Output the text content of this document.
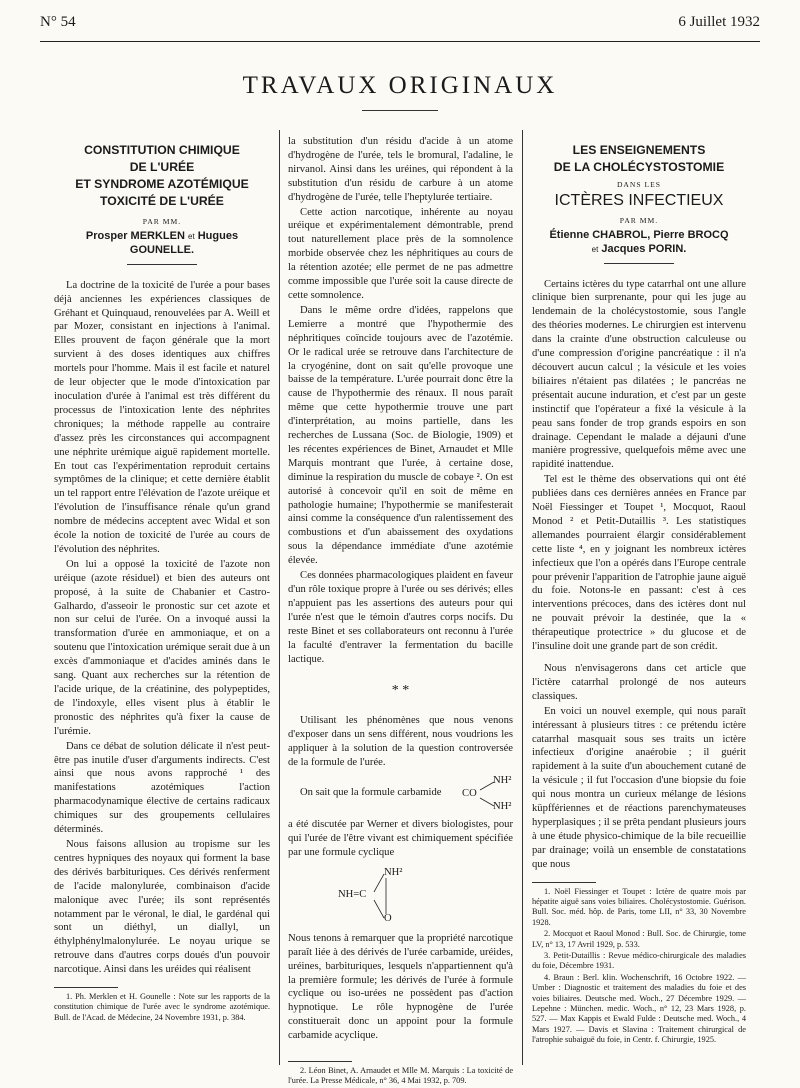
N° 54	6 Juillet 1932
TRAVAUX ORIGINAUX
CONSTITUTION CHIMIQUE
DE L'URÉE
ET SYNDROME AZOTÉMIQUE
TOXICITÉ DE L'URÉE
PAR MM.
Prosper MERKLEN et Hugues GOUNELLE.

La doctrine de la toxicité de l'urée a pour bases déjà anciennes les expériences classiques de Gréhant et Quinquaud, renouvelées par A. Weill et par Mozer, consistant en injections à l'animal. Elles prouvent de façon générale que la mort survient à des doses identiques aux chiffres mortels pour l'homme. Mais il est facile et naturel de leur objecter que le mode d'intoxication par inoculation d'urée à l'animal est très différent du processus de l'intoxication lente des néphrites chroniques; la méthode rappelle au contraire d'assez près les circonstances qui accompagnent une néphrite urémique aiguë rapidement mortelle. En tout cas l'expérimentation reproduit certains symptômes de la clinique; et cette dernière établit un tel rapport entre l'élévation de l'azote uréique et l'évolution de l'insuffisance rénale qu'un grand nombre de médecins acceptent avec Widal et son école la notion de toxicité de l'urée au cours de l'évolution des néphrites.

On lui a opposé la toxicité de l'azote non uréique (azote résiduel) et bien des auteurs ont proposé, à la suite de Chabanier et Castro-Galhardo, d'asseoir le pronostic sur cet azote et non sur celui de l'urée. On a invoqué aussi la transformation d'urée en ammoniaque, et on a soutenu que l'intoxication urémique serait due à un excès d'ammoniaque et d'acides aminés dans le sang. Quant aux recherches sur la rétention de l'acide urique, de la créatinine, des polypeptides, de l'indoxyle, elles visent plus à établir le pronostic des néphrites qu'à fixer la cause de l'urémie.

Dans ce débat de solution délicate il n'est peut-être pas inutile d'user d'arguments indirects. C'est ainsi que nous avons rapproché ¹ des manifestations azotémiques l'action pharmacodynamique élective de certains radicaux chimiques sur des groupements cellulaires déterminés.

Nous faisons allusion au tropisme sur les centres hypniques des noyaux qui forment la base des dérivés barbituriques. Ces dérivés renferment de l'acide malonylurée, combinaison d'acide malonique avec l'urée; ils sont représentés notamment par le véronal, le dial, le gardénal qui sont un diéthyl, un diallyl, un éthylphénylmalonylurée. Le noyau urique se retrouve dans d'autres corps doués d'un pouvoir narcotique. Ainsi dans les uréides qui réalisent

1. Ph. Merklen et H. Gounelle : Note sur les rapports de la constitution chimique de l'urée avec le syndrome azotémique. Bull. de l'Acad. de Médecine, 24 Novembre 1931, p. 384.

la substitution d'un résidu d'acide à un atome d'hydrogène de l'urée, tels le bromural, l'adaline, le nirvanol. Ainsi dans les uréines, qui répondent à la substitution d'un résidu de carbure à un atome d'hydrogène de l'urée, telle l'heptylurée tertiaire.

Cette action narcotique, inhérente au noyau uréique et expérimentalement démontrable, prend tout naturellement place près de la somnolence morbide observée chez les néphritiques au cours de la rétention azotée; elle permet de ne pas admettre comme impossible que l'urée soit la cause directe de cette somnolence.

Dans le même ordre d'idées, rappelons que Lemierre a montré que l'hypothermie des néphritiques coïncide toujours avec de l'azotémie. Or le radical urée se retrouve dans l'architecture de la cryogénine, dont on sait qu'elle provoque une baisse de la température. L'urée pourrait donc être la cause de l'hypothermie des rénaux. Il nous paraît même que cette hypothermie trouve une part d'interprétation, au moins partielle, dans les recherches de Lussana (Soc. de Biologie, 1909) et les récentes expériences de Binet, Arnaudet et Mlle Marquis montrant que l'urée, à certaine dose, diminue la respiration du muscle de cobaye ². On est autorisé à concevoir qu'il en soit de même en pathologie humaine; l'hypothermie se manifesterait ainsi comme la conséquence d'un ralentissement des combustions et d'un abaissement des oxydations sous la dépendance immédiate d'une azotémie élevée.

Ces données pharmacologiques plaident en faveur d'un rôle toxique propre à l'urée ou ses dérivés; elles n'appuient pas les assertions des auteurs pour qui l'urée n'est que le témoin d'autres corps nocifs. Du reste Binet et ses collaborateurs ont reconnu à l'urée la faculté d'entraver la fermentation du bacille lactique.

* *

Utilisant les phénomènes que nous venons d'exposer dans un sens différent, nous voudrions les appliquer à la solution de la question controversée de la formule de l'urée.

On sait que la formule carbamide CO
NH²
NH²

a été discutée par Werner et divers biologistes, pour qui l'urée de l'être vivant est chimiquement spécifiée par une formule cyclique

NH=C
NH²
O

Nous tenons à remarquer que la propriété narcotique paraît liée à des dérivés de l'urée carbamide, uréides, uréines, barbituriques, lesquels n'appartiennent qu'à la première formule; les dérivés de l'urée à formule cyclique ou iso-urées ne possèdent pas d'action hypnotique. Le rôle hypnogène de l'urée constituerait donc un appoint pour la formule carbamide acyclique.

2. Léon Binet, A. Arnaudet et Mlle M. Marquis : La toxicité de l'urée. La Presse Médicale, n° 36, 4 Mai 1932, p. 709.

LES ENSEIGNEMENTS
DE LA CHOLÉCYSTOSTOMIE
DANS LES
ICTÈRES INFECTIEUX
PAR MM.
Étienne CHABROL, Pierre BROCQ
et Jacques PORIN.

Certains ictères du type catarrhal ont une allure clinique bien surprenante, pour qui les juge au lendemain de la cholécystostomie, sous l'angle des théories modernes. Le chirurgien est intervenu dans la crainte d'une obstruction calculeuse ou d'une compression d'origine pancréatique : il n'a découvert aucun calcul ; la vésicule et les voies biliaires n'étaient pas dilatées ; le pancréas ne présentait aucune induration, et c'est par un geste instinctif que l'opérateur a fixé la vésicule à la peau sans fonder de trop grands espoirs en son drainage. Cependant le malade a déjauni d'une manière progressive, quelquefois même avec une rapidité inattendue.

Tel est le thème des observations qui ont été publiées dans ces dernières années en France par Noël Fiessinger et Toupet ¹, Mocquot, Raoul Monod ² et Petit-Dutaillis ³. Les statistiques allemandes pourraient élargir considérablement cette liste ⁴, en y joignant les nombreux ictères infectieux que l'on a opérés dans l'Europe centrale pour prévenir l'apparition de l'atrophie jaune aiguë du foie. Notons-le en passant: c'est à ces interventions précoces, dans des ictères dont nul ne pouvait prévoir la destinée, que la « thérapeutique protectrice » du glucose et de l'insuline doit une grande part de son crédit.

Nous n'envisagerons dans cet article que l'ictère catarrhal prolongé de nos auteurs classiques.

En voici un nouvel exemple, qui nous paraît intéressant à plusieurs titres : ce prétendu ictère catarrhal masquait sous ses traits un ictère infectieux d'origine anaérobie ; il guérit rapidement à la suite d'un abouchement cutané de la vésicule ; il fut l'occasion d'une biopsie du foie qui nous montra un curieux mélange de lésions küpffériennes et de réactions parenchymateuses hyperplasiques ; il se prêta pendant plusieurs jours à une étude physico-chimique de la bile recueillie par drainage; voilà un ensemble de constatations que nous

1. Noël Fiessinger et Toupet : Ictère de quatre mois par hépatite aiguë sans voies biliaires. Cholécystostomie. Guérison. Bull. Soc. méd. hôp. de Paris, tome LII, n° 33, 30 Novembre 1928.

2. Mocquot et Raoul Monod : Bull. Soc. de Chirurgie, tome LV, n° 13, 17 Avril 1929, p. 533.

3. Petit-Dutaillis : Revue médico-chirurgicale des maladies du foie, Décembre 1931.

4. Braun : Berl. klin. Wochenschrift, 16 Octobre 1922. — Umber : Diagnostic et traitement des maladies du foie et des voies biliaires. Deutsche med. Woch., 27 Décembre 1929. — Lepehne : München. medic. Woch., n° 12, 23 Mars 1928, p. 527. — Max Kappis et Ewald Fulde : Deutsche med. Woch., 4 Mars 1927. — Davis et Slavina : Traitement chirurgical de l'atrophie subaiguë du foie, in Centr. f. Chirurgie, 1925.
